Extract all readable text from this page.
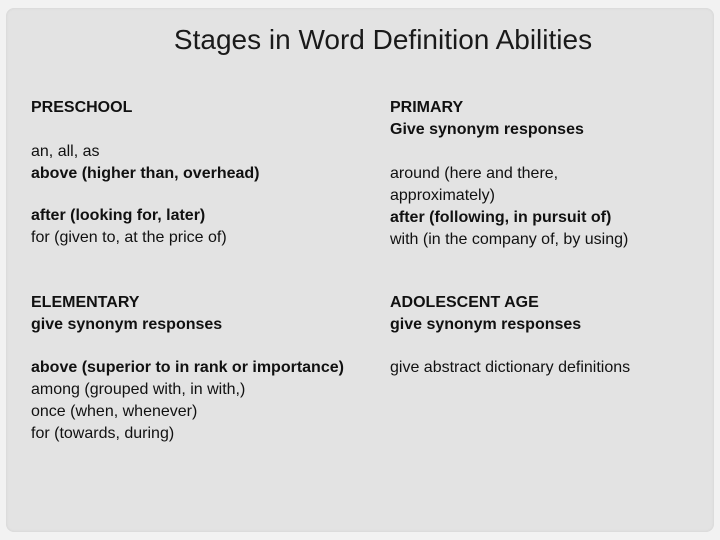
Stages in Word Definition Abilities
PRESCHOOL
an, all, as
above (higher than, overhead)
after (looking for, later)
for (given to, at the price of)
PRIMARY
Give synonym responses
around (here and there,
approximately)
after (following, in pursuit of)
with (in the company of, by using)
ELEMENTARY
give synonym responses
above (superior to in rank or importance)
among (grouped with, in with,)
once (when, whenever)
for (towards, during)
ADOLESCENT AGE
give synonym responses
give abstract dictionary definitions
